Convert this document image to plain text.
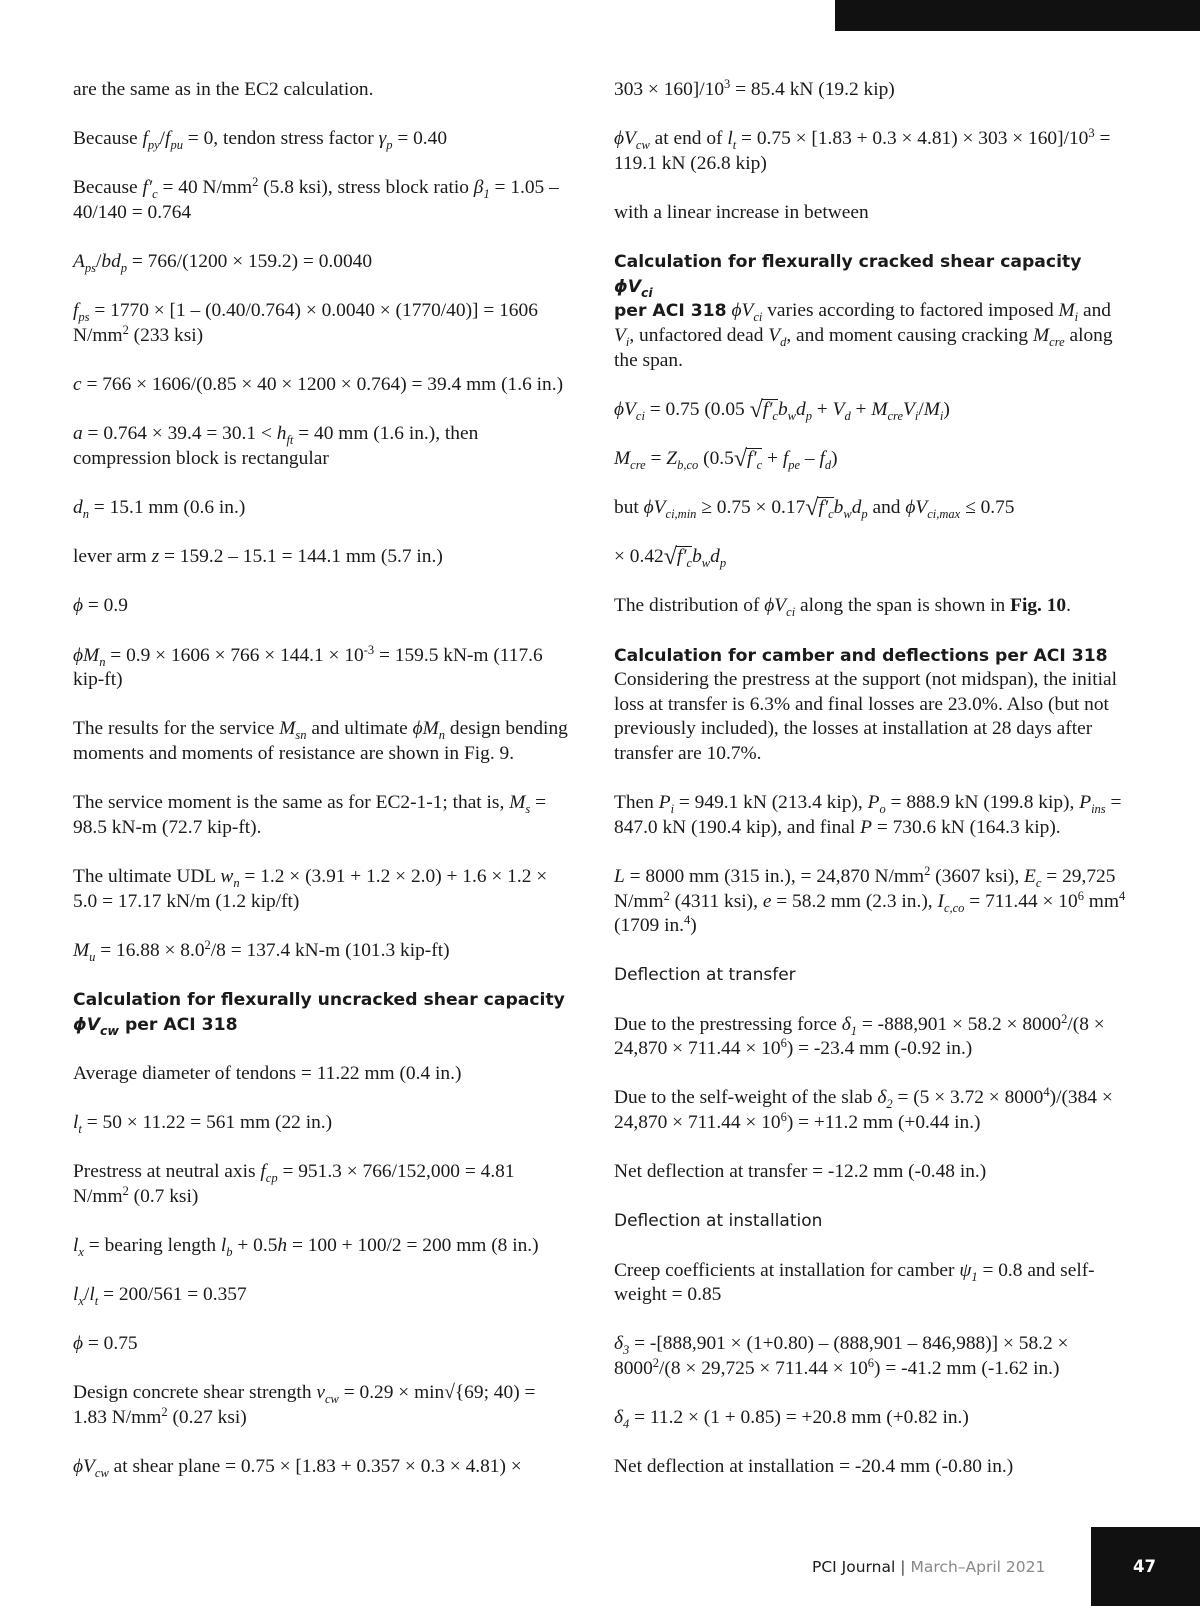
are the same as in the EC2 calculation.

Because $f_{py}/f_{pu} = 0$, tendon stress factor $\gamma_p = 0.40$

Because $f'_c = 40$ $N/mm^2$ (5.8 ksi), stress block ratio $\beta_1 = 1.05 - 40/140 = 0.764$

$A_{ps}/bd_p = 766/(1200 \times 159.2) = 0.0040$

$f_{ps} = 1770 \times [1 - (0.40/0.764) \times 0.0040 \times (1770/40)] = 1606$ $N/mm^2$ (233 ksi)

c = 766 × 1606/(0.85 × 40 × 1200 × 0.764) = 39.4 mm (1.6 in.)

$a = 0.764 \times 39.4 = 30.1 < h_{ft} = 40$ mm (1.6 in.), then compression block is rectangular

$d_n = 15.1$ mm (0.6 in.)

lever arm z = 159.2 – 15.1 = 144.1 mm (5.7 in.)

ϕ = 0.9

$\phi M_n = 0.9 \times 1606 \times 766 \times 144.1 \times 10^{-3} = 159.5$ kN-m (117.6 kip-ft)

The results for the service $M_{sn}$ and ultimate $\phi M_n$ design bending moments and moments of resistance are shown in Fig. 9.

The service moment is the same as for EC2-1-1; that is, $M_s = 98.5$ kN-m (72.7 kip-ft).

The ultimate UDL $w_n = 1.2 \times (3.91 + 1.2 \times 2.0) + 1.6 \times 1.2 \times 5.0 = 17.17$ kN/m (1.2 kip/ft)

$M_u = 16.88 \times 8.0^2/8 = 137.4$ kN-m (101.3 kip-ft)

Calculation for flexurally uncracked shear capacity $\phi V_{cw}$ per ACI 318

Average diameter of tendons = 11.22 mm (0.4 in.)

$l_t = 50 \times 11.22 = 561$ mm (22 in.)

Prestress at neutral axis $f_{cp} = 951.3 \times 766/152,000 = 4.81$ $N/mm^2$ (0.7 ksi)

$l_x$ = bearing length $l_b + 0.5h = 100 + 100/2 = 200$ mm (8 in.)

$l_x/l_t = 200/561 = 0.357$

ϕ = 0.75

Design concrete shear strength $v_{cw} = 0.29 \times \min√\{69$; 40) = 1.83 $N/mm^2$ (0.27 ksi)

$\phi V_{cw}$ at shear plane = 0.75 × [1.83 + 0.357 × 0.3 × 4.81) ×

$303 \times 160]/10^3 = 85.4$ kN (19.2 kip)

$\phi V_{cw}$ at end of $l_t = 0.75 \times [1.83 + 0.3 \times 4.81) \times 303 \times 160]/10^3 = 119.1$ kN (26.8 kip)

with a linear increase in between

Calculation for flexurally cracked shear capacity $\phi V_{ci}$

per ACI 318 $\phi V_{ci}$ varies according to factored imposed $M_i$ and $V_i$, unfactored dead $V_d$, and moment causing cracking $M_{cre}$ along the span.

$\phi V_{ci} = 0.75$ (0.05 $√f'_cb_wd_p + V_d + M_{cre}V_i/M_i$)

$M_{cre} = Z_{b,co}$ $(0.5√f'_c + f_{pe} - f_d)$

but $\phi V_{ci,min} \ge 0.75 \times 0.17√f'_cb_wd_p$ and $\phi V_{ci,max} \le 0.75$

× $0.42√f'_cb_wd_p$

The distribution of $\phi V_{ci}$ along the span is shown in Fig. 10.

Calculation for camber and deflections per ACI 318

Considering the prestress at the support (not midspan), the initial loss at transfer is 6.3% and final losses are 23.0%. Also (but not previously included), the losses at installation at 28 days after transfer are 10.7%.

Then $P_i = 949.1$ kN (213.4 kip), $P_o = 888.9$ kN (199.8 kip), $P_{ins} = 847.0$ kN (190.4 kip), and final P = 730.6 kN (164.3 kip).

L = 8000 mm (315 in.), = 24,870 $N/mm^2$ (3607 ksi), $E_c = 29,725$ $N/mm^2$ (4311 ksi), e = 58.2 mm (2.3 in.), $I_{c,co} = 711.44 \times 10^6$ $mm^4$ (1709 in.$^4$)

Deflection at transfer

Due to the prestressing force $\delta_1 = -888,901 \times 58.2 \times 8000^2/(8 \times 24,870 \times 711.44 \times 10^6) = -23.4$ mm (-0.92 in.)

Due to the self-weight of the slab $\delta_2 = (5 \times 3.72 \times 8000^4)/(384 \times 24,870 \times 711.44 \times 10^6) = +11.2$ mm (+0.44 in.)

Net deflection at transfer = -12.2 mm (-0.48 in.)

Deflection at installation

Creep coefficients at installation for camber $\psi_1 = 0.8$ and self-weight = 0.85

$\delta_3 = -[888,901 \times (1+0.80) - (888,901 - 846,988)] \times 58.2 \times 8000^2/(8 \times 29,725 \times 711.44 \times 10^6) = -41.2$ mm (-1.62 in.)

$\delta_4 = 11.2 \times (1 + 0.85) = +20.8$ mm (+0.82 in.)

Net deflection at installation = -20.4 mm (-0.80 in.)

PCI Journal | March–April 2021	47
